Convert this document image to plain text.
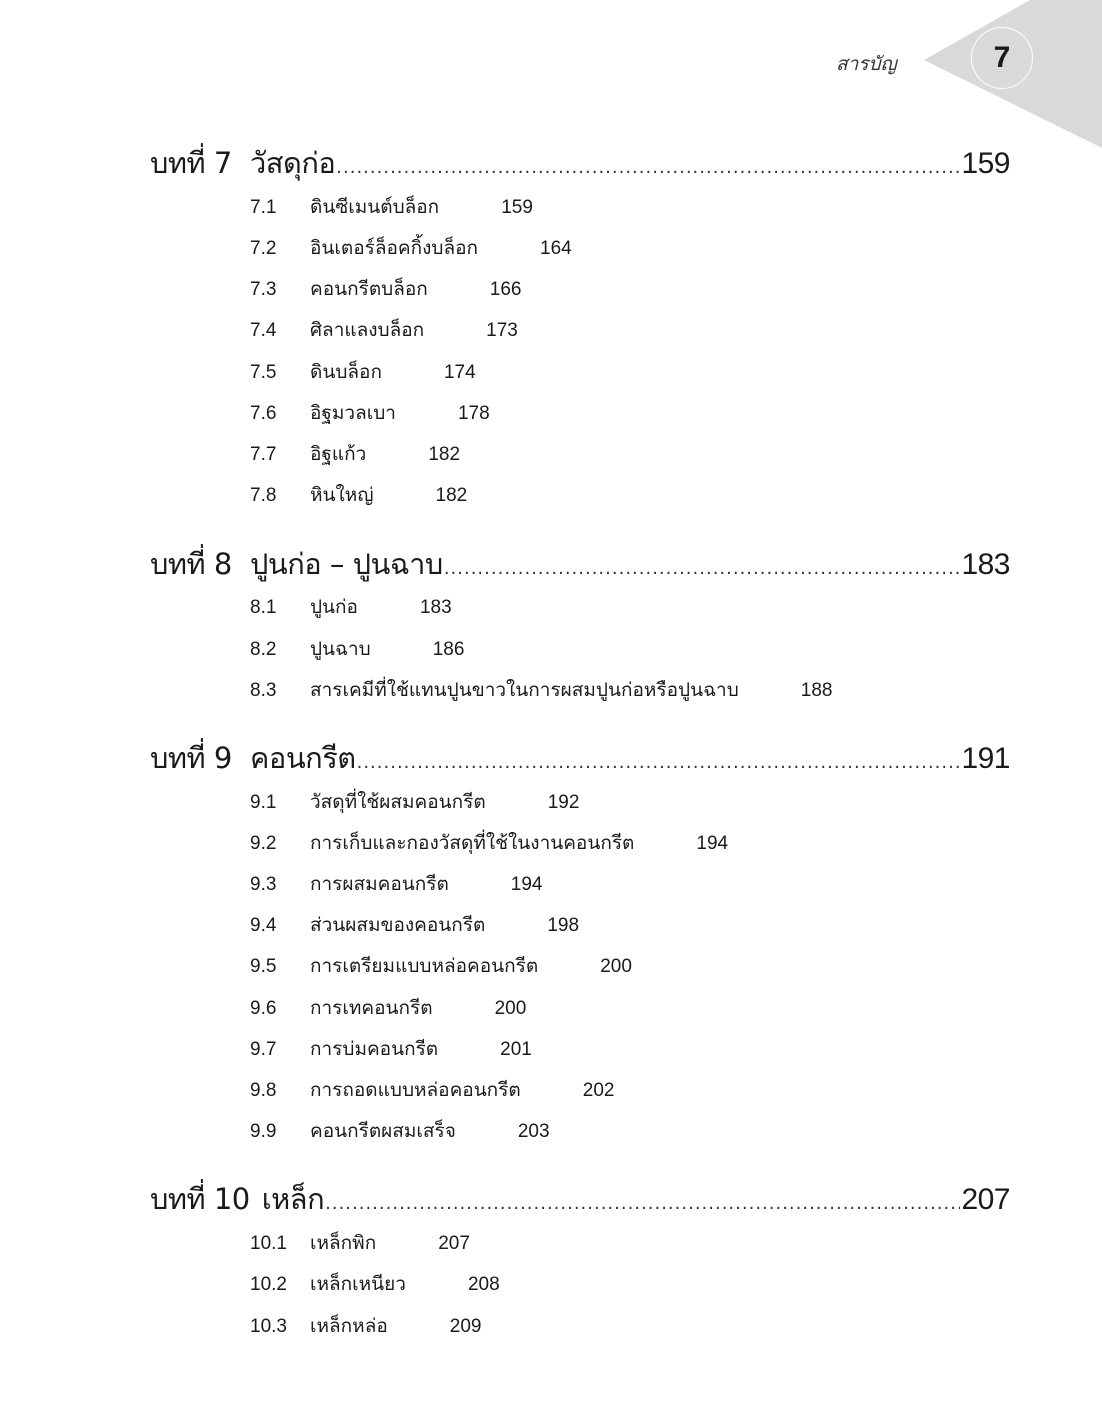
สารบัญ	7
บทที่ 7 วัสดุก่อ .....	159
7.1	ดินซีเมนต์บล็อก	159
7.2	อินเตอร์ล็อคกิ้งบล็อก	164
7.3	คอนกรีตบล็อก	166
7.4	ศิลาแลงบล็อก	173
7.5	ดินบล็อก	174
7.6	อิฐมวลเบา	178
7.7	อิฐแก้ว	182
7.8	หินใหญ่	182
บทที่ 8 ปูนก่อ – ปูนฉาบ .....	183
8.1	ปูนก่อ	183
8.2	ปูนฉาบ	186
8.3	สารเคมีที่ใช้แทนปูนขาวในการผสมปูนก่อหรือปูนฉาบ	188
บทที่ 9 คอนกรีต .....	191
9.1	วัสดุที่ใช้ผสมคอนกรีต	192
9.2	การเก็บและกองวัสดุที่ใช้ในงานคอนกรีต	194
9.3	การผสมคอนกรีต	194
9.4	ส่วนผสมของคอนกรีต	198
9.5	การเตรียมแบบหล่อคอนกรีต	200
9.6	การเทคอนกรีต	200
9.7	การบ่มคอนกรีต	201
9.8	การถอดแบบหล่อคอนกรีต	202
9.9	คอนกรีตผสมเสร็จ	203
บทที่ 10 เหล็ก .....	207
10.1	เหล็กพิก	207
10.2	เหล็กเหนียว	208
10.3	เหล็กหล่อ	209
